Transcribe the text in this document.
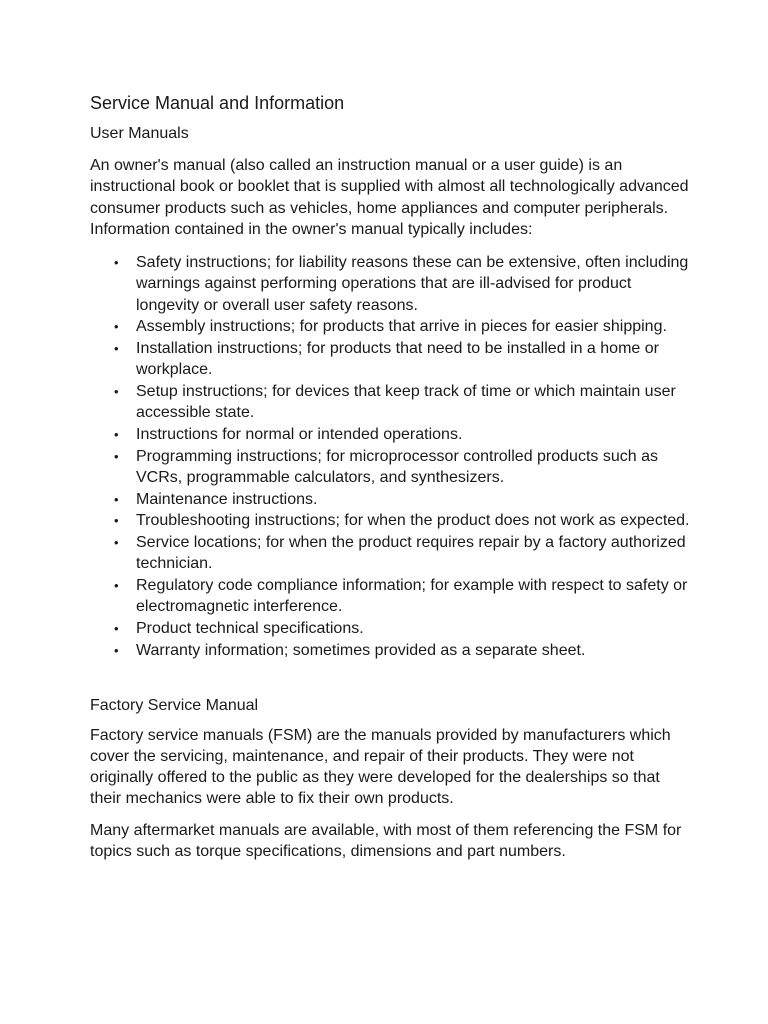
Service Manual and Information
User Manuals

An owner's manual (also called an instruction manual or a user guide) is an instructional book or booklet that is supplied with almost all technologically advanced consumer products such as vehicles, home appliances and computer peripherals. Information contained in the owner's manual typically includes:

• Safety instructions; for liability reasons these can be extensive, often including warnings against performing operations that are ill-advised for product longevity or overall user safety reasons.
• Assembly instructions; for products that arrive in pieces for easier shipping.
• Installation instructions; for products that need to be installed in a home or workplace.
• Setup instructions; for devices that keep track of time or which maintain user accessible state.
• Instructions for normal or intended operations.
• Programming instructions; for microprocessor controlled products such as VCRs, programmable calculators, and synthesizers.
• Maintenance instructions.
• Troubleshooting instructions; for when the product does not work as expected.
• Service locations; for when the product requires repair by a factory authorized technician.
• Regulatory code compliance information; for example with respect to safety or electromagnetic interference.
• Product technical specifications.
• Warranty information; sometimes provided as a separate sheet.
Factory Service Manual

Factory service manuals (FSM) are the manuals provided by manufacturers which cover the servicing, maintenance, and repair of their products. They were not originally offered to the public as they were developed for the dealerships so that their mechanics were able to fix their own products.

Many aftermarket manuals are available, with most of them referencing the FSM for topics such as torque specifications, dimensions and part numbers.
